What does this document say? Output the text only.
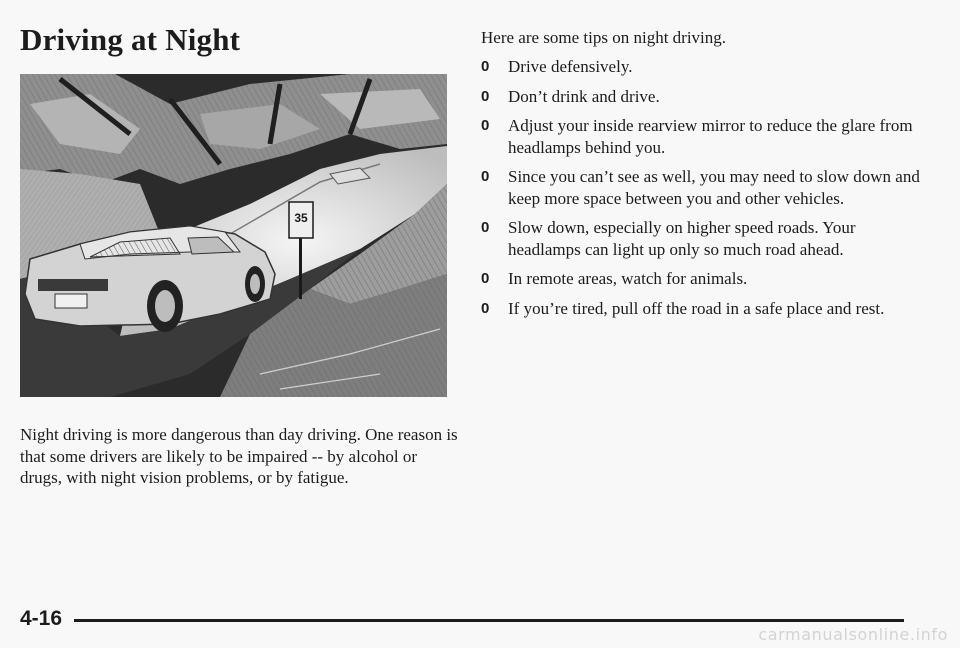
Driving at Night
35

Night driving is more dangerous than day driving. One reason is that some drivers are likely to be impaired -- by alcohol or drugs, with night vision problems, or by fatigue.

Here are some tips on night driving.

0 Drive defensively.
0 Don’t drink and drive.
0 Adjust your inside rearview mirror to reduce the glare from headlamps behind you.
0 Since you can’t see as well, you may need to slow down and keep more space between you and other vehicles.
0 Slow down, especially on higher speed roads. Your headlamps can light up only so much road ahead.
0 In remote areas, watch for animals.
0 If you’re tired, pull off the road in a safe place and rest.
4-16
carmanualsonline.info
